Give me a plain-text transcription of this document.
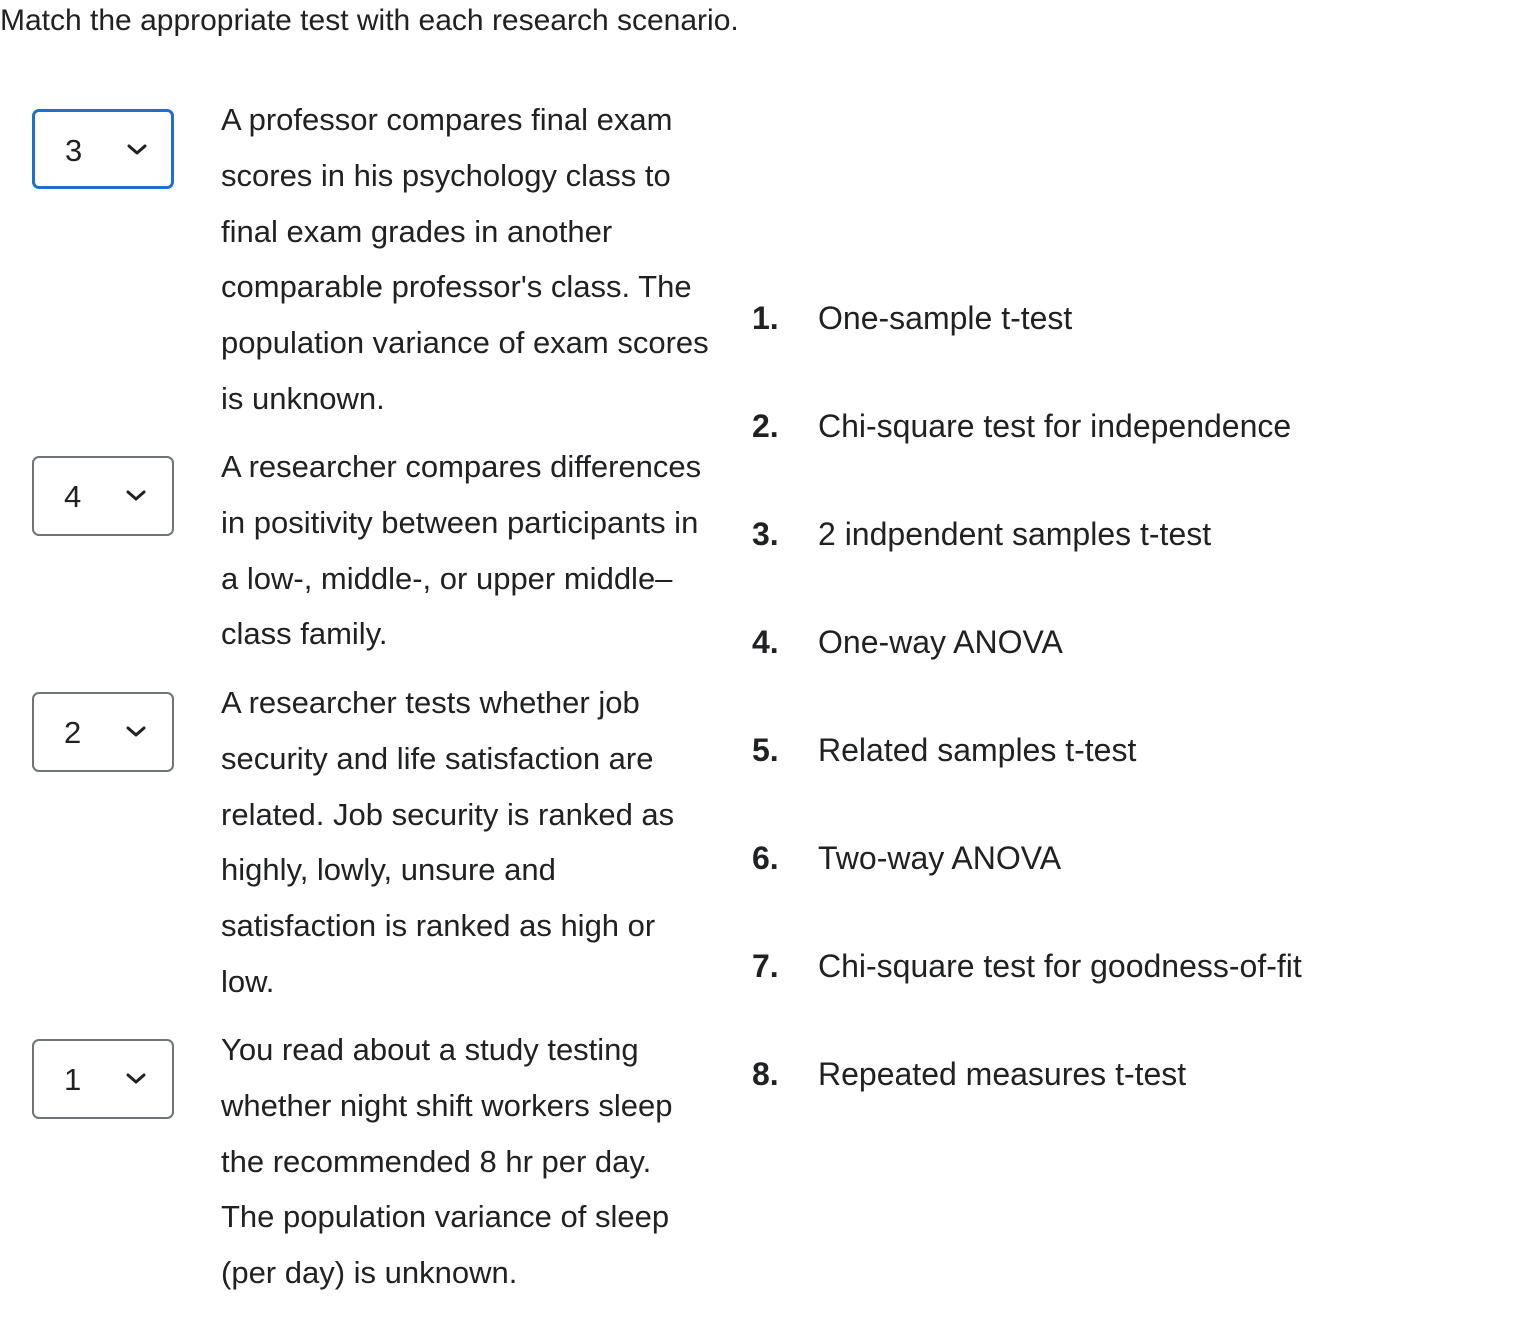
Match the appropriate test with each research scenario.
3
A professor compares final exam scores in his psychology class to final exam grades in another comparable professor's class. The population variance of exam scores is unknown.
4
A researcher compares differences in positivity between participants in a low-, middle-, or upper middle–class family.
2
A researcher tests whether job security and life satisfaction are related. Job security is ranked as highly, lowly, unsure and satisfaction is ranked as high or low.
1
You read about a study testing whether night shift workers sleep the recommended 8 hr per day. The population variance of sleep (per day) is unknown.
1. One-sample t-test
2. Chi-square test for independence
3. 2 indpendent samples t-test
4. One-way ANOVA
5. Related samples t-test
6. Two-way ANOVA
7. Chi-square test for goodness-of-fit
8. Repeated measures t-test
